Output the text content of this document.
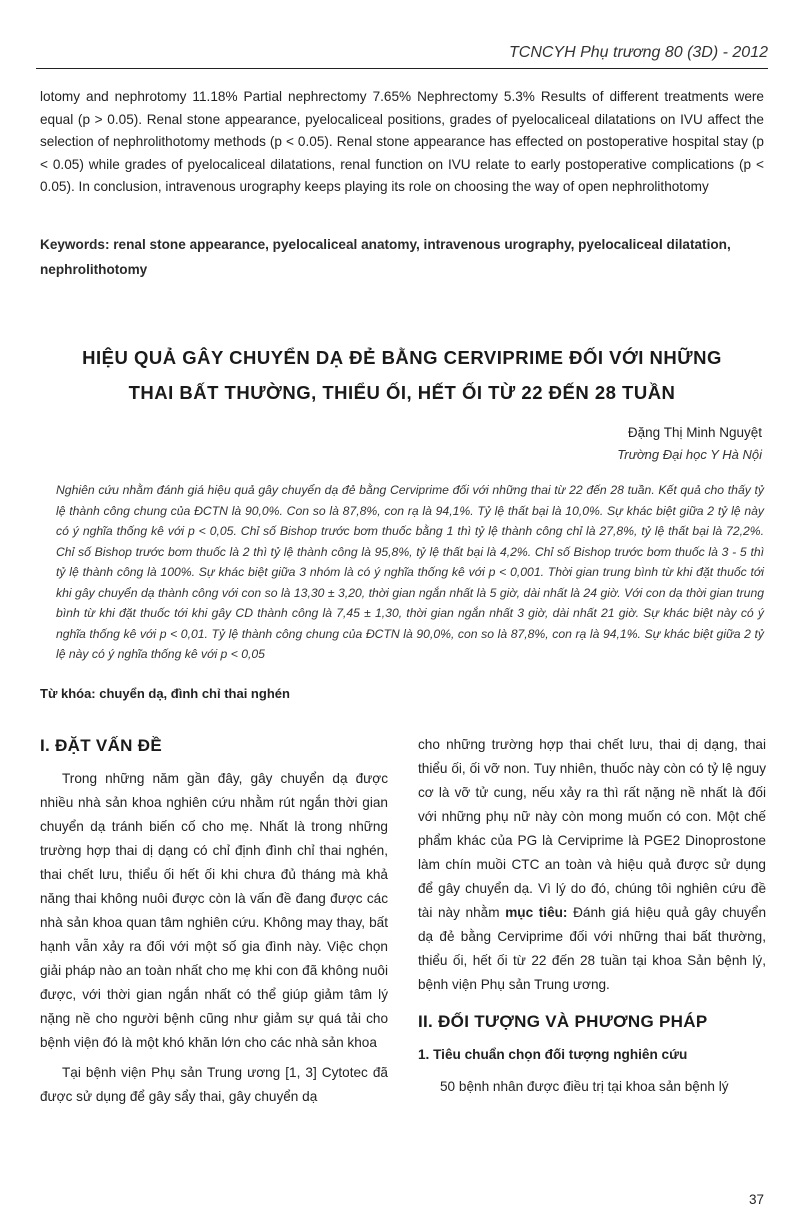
TCNCYH Phụ trương 80 (3D) - 2012
lotomy and nephrotomy 11.18% Partial nephrectomy 7.65% Nephrectomy 5.3% Results of different treatments were equal (p > 0.05). Renal stone appearance, pyelocaliceal positions, grades of pyelocaliceal dilatations on IVU affect the selection of nephrolithotomy methods (p < 0.05). Renal stone appearance has effected on postoperative hospital stay (p < 0.05) while grades of pyelocaliceal dilatations, renal function on IVU relate to early postoperative complications (p < 0.05). In conclusion, intravenous urography keeps playing its role on choosing the way of open nephrolithotomy
Keywords: renal stone appearance, pyelocaliceal anatomy, intravenous urography, pyelocaliceal dilatation, nephrolithotomy
HIỆU QUẢ GÂY CHUYỂN DẠ ĐẺ BẰNG CERVIPRIME ĐỐI VỚI NHỮNG
THAI BẤT THƯỜNG, THIỂU ỐI, HẾT ỐI TỪ 22 ĐẾN 28 TUẦN
Đặng Thị Minh Nguyệt
Trường Đại học Y Hà Nội
Nghiên cứu nhằm đánh giá hiệu quả gây chuyển dạ đẻ bằng Cerviprime đối với những thai từ 22 đến 28 tuần. Kết quả cho thấy tỷ lệ thành công chung của ĐCTN là 90,0%. Con so là 87,8%, con rạ là 94,1%. Tỷ lệ thất bại là 10,0%. Sự khác biệt giữa 2 tỷ lệ này có ý nghĩa thống kê với p < 0,05. Chỉ số Bishop trước bơm thuốc bằng 1 thì tỷ lệ thành công chỉ là 27,8%, tỷ lệ thất bại là 72,2%. Chỉ số Bishop trước bơm thuốc là 2 thì tỷ lệ thành công là 95,8%, tỷ lệ thất bại là 4,2%. Chỉ số Bishop trước bơm thuốc là 3 - 5 thì tỷ lệ thành công là 100%. Sự khác biệt giữa 3 nhóm là có ý nghĩa thống kê với p < 0,001. Thời gian trung bình từ khi đặt thuốc tới khi gây chuyển dạ thành công với con so là 13,30 ± 3,20, thời gian ngắn nhất là 5 giờ, dài nhất là 24 giờ. Với con dạ thời gian trung bình từ khi đặt thuốc tới khi gây CD thành công là 7,45 ± 1,30, thời gian ngắn nhất 3 giờ, dài nhất 21 giờ. Sự khác biệt này có ý nghĩa thống kê với p < 0,01. Tỷ lệ thành công chung của ĐCTN là 90,0%, con so là 87,8%, con rạ là 94,1%. Sự khác biệt giữa 2 tỷ lệ này có ý nghĩa thống kê với p < 0,05
Từ khóa: chuyển dạ, đình chỉ thai nghén
I. ĐẶT VẤN ĐỀ

Trong những năm gần đây, gây chuyển dạ được nhiều nhà sản khoa nghiên cứu nhằm rút ngắn thời gian chuyển dạ tránh biến cố cho mẹ. Nhất là trong những trường hợp thai dị dạng có chỉ định đình chỉ thai nghén, thai chết lưu, thiểu ối hết ối khi chưa đủ tháng mà khả năng thai không nuôi được còn là vấn đề đang được các nhà sản khoa quan tâm nghiên cứu. Không may thay, bất hạnh vẫn xảy ra đối với một số gia đình này. Việc chọn giải pháp nào an toàn nhất cho mẹ khi con đã không nuôi được, với thời gian ngắn nhất có thể giúp giảm tâm lý nặng nề cho người bệnh cũng như giảm sự quá tải cho bệnh viện đó là một khó khăn lớn cho các nhà sản khoa

Tại bệnh viện Phụ sản Trung ương [1, 3] Cytotec đã được sử dụng để gây sẩy thai, gây chuyển dạ

cho những trường hợp thai chết lưu, thai dị dạng, thai thiểu ối, ối vỡ non. Tuy nhiên, thuốc này còn có tỷ lệ nguy cơ là vỡ tử cung, nếu xảy ra thì rất nặng nề nhất là đối với những phụ nữ này còn mong muốn có con. Một chế phẩm khác của PG là Cerviprime là PGE2 Dinoprostone làm chín muồi CTC an toàn và hiệu quả được sử dụng để gây chuyển dạ. Vì lý do đó, chúng tôi nghiên cứu đề tài này nhằm mục tiêu: Đánh giá hiệu quả gây chuyển dạ đẻ bằng Cerviprime đối với những thai bất thường, thiểu ối, hết ối từ 22 đến 28 tuần tại khoa Sản bệnh lý, bệnh viện Phụ sản Trung ương.

II. ĐỐI TƯỢNG VÀ PHƯƠNG PHÁP
1. Tiêu chuẩn chọn đối tượng nghiên cứu

50 bệnh nhân được điều trị tại khoa sản bệnh lý

37
